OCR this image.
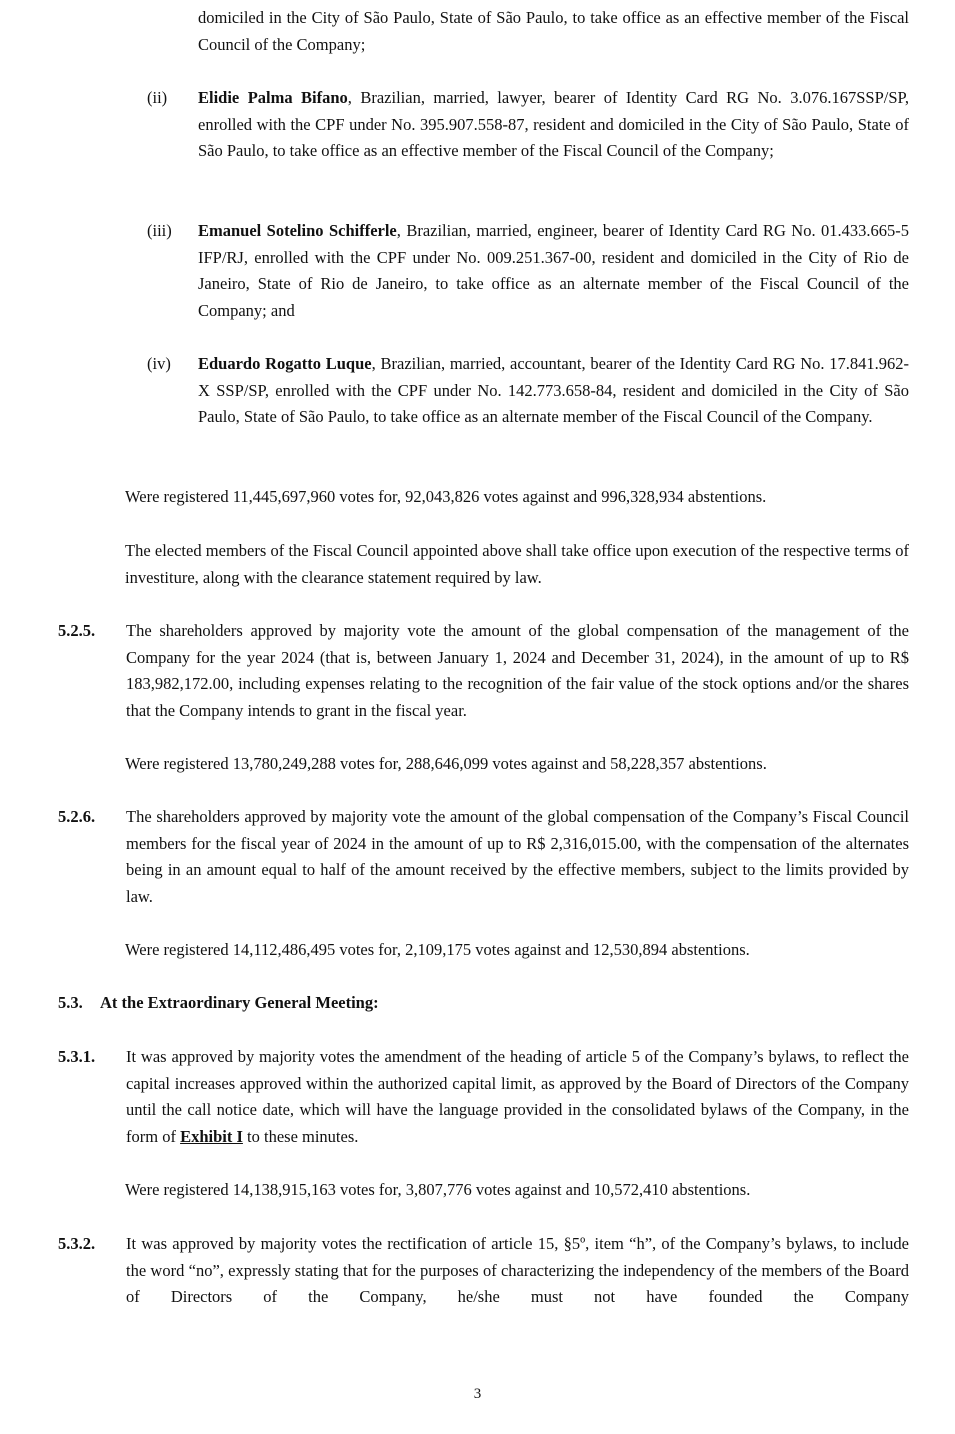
domiciled in the City of São Paulo, State of São Paulo, to take office as an effective member of the Fiscal Council of the Company;

(ii) Elidie Palma Bifano, Brazilian, married, lawyer, bearer of Identity Card RG No. 3.076.167SSP/SP, enrolled with the CPF under No. 395.907.558-87, resident and domiciled in the City of São Paulo, State of São Paulo, to take office as an effective member of the Fiscal Council of the Company;

(iii) Emanuel Sotelino Schifferle, Brazilian, married, engineer, bearer of Identity Card RG No. 01.433.665-5 IFP/RJ, enrolled with the CPF under No. 009.251.367-00, resident and domiciled in the City of Rio de Janeiro, State of Rio de Janeiro, to take office as an alternate member of the Fiscal Council of the Company; and

(iv) Eduardo Rogatto Luque, Brazilian, married, accountant, bearer of the Identity Card RG No. 17.841.962-X SSP/SP, enrolled with the CPF under No. 142.773.658-84, resident and domiciled in the City of São Paulo, State of São Paulo, to take office as an alternate member of the Fiscal Council of the Company.

Were registered 11,445,697,960 votes for, 92,043,826 votes against and 996,328,934 abstentions.

The elected members of the Fiscal Council appointed above shall take office upon execution of the respective terms of investiture, along with the clearance statement required by law.

5.2.5. The shareholders approved by majority vote the amount of the global compensation of the management of the Company for the year 2024 (that is, between January 1, 2024 and December 31, 2024), in the amount of up to R$ 183,982,172.00, including expenses relating to the recognition of the fair value of the stock options and/or the shares that the Company intends to grant in the fiscal year.

Were registered 13,780,249,288 votes for, 288,646,099 votes against and 58,228,357 abstentions.

5.2.6. The shareholders approved by majority vote the amount of the global compensation of the Company’s Fiscal Council members for the fiscal year of 2024 in the amount of up to R$ 2,316,015.00, with the compensation of the alternates being in an amount equal to half of the amount received by the effective members, subject to the limits provided by law.

Were registered 14,112,486,495 votes for, 2,109,175 votes against and 12,530,894 abstentions.

5.3. At the Extraordinary General Meeting:
5.3.1. It was approved by majority votes the amendment of the heading of article 5 of the Company’s bylaws, to reflect the capital increases approved within the authorized capital limit, as approved by the Board of Directors of the Company until the call notice date, which will have the language provided in the consolidated bylaws of the Company, in the form of Exhibit I to these minutes.

Were registered 14,138,915,163 votes for, 3,807,776 votes against and 10,572,410 abstentions.

5.3.2. It was approved by majority votes the rectification of article 15, §5º, item “h”, of the Company’s bylaws, to include the word “no”, expressly stating that for the purposes of characterizing the independency of the members of the Board of Directors of the Company, he/she must not have founded the Company

3
